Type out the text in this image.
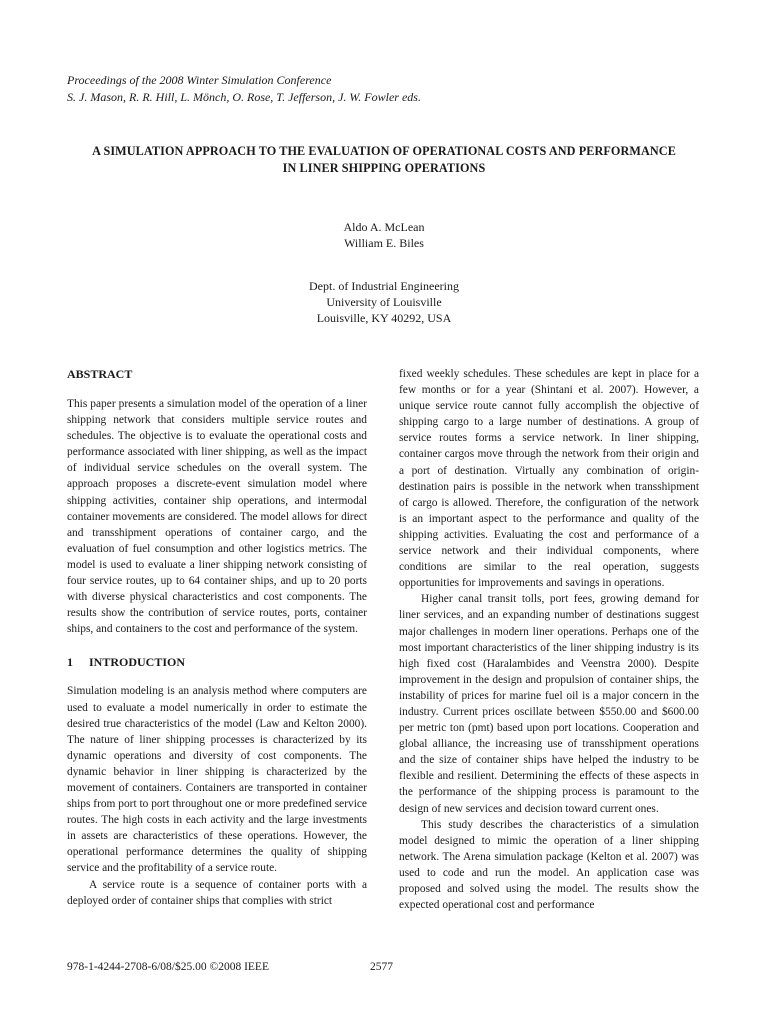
Proceedings of the 2008 Winter Simulation Conference
S. J. Mason, R. R. Hill, L. Mönch, O. Rose, T. Jefferson, J. W. Fowler eds.
A SIMULATION APPROACH TO THE EVALUATION OF OPERATIONAL COSTS AND PERFORMANCE
IN LINER SHIPPING OPERATIONS
Aldo A. McLean
William E. Biles
Dept. of Industrial Engineering
University of Louisville
Louisville, KY 40292, USA
ABSTRACT

This paper presents a simulation model of the operation of a liner shipping network that considers multiple service routes and schedules. The objective is to evaluate the operational costs and performance associated with liner shipping, as well as the impact of individual service schedules on the overall system. The approach proposes a discrete-event simulation model where shipping activities, container ship operations, and intermodal container movements are considered. The model allows for direct and transshipment operations of container cargo, and the evaluation of fuel consumption and other logistics metrics. The model is used to evaluate a liner shipping network consisting of four service routes, up to 64 container ships, and up to 20 ports with diverse physical characteristics and cost components. The results show the contribution of service routes, ports, container ships, and containers to the cost and performance of the system.

1 INTRODUCTION

Simulation modeling is an analysis method where computers are used to evaluate a model numerically in order to estimate the desired true characteristics of the model (Law and Kelton 2000). The nature of liner shipping processes is characterized by its dynamic operations and diversity of cost components. The dynamic behavior in liner shipping is characterized by the movement of containers. Containers are transported in container ships from port to port throughout one or more predefined service routes. The high costs in each activity and the large investments in assets are characteristics of these operations. However, the operational performance determines the quality of shipping service and the profitability of a service route.

A service route is a sequence of container ports with a deployed order of container ships that complies with strict

fixed weekly schedules. These schedules are kept in place for a few months or for a year (Shintani et al. 2007). However, a unique service route cannot fully accomplish the objective of shipping cargo to a large number of destinations. A group of service routes forms a service network. In liner shipping, container cargos move through the network from their origin and a port of destination. Virtually any combination of origin-destination pairs is possible in the network when transshipment of cargo is allowed. Therefore, the configuration of the network is an important aspect to the performance and quality of the shipping activities. Evaluating the cost and performance of a service network and their individual components, where conditions are similar to the real operation, suggests opportunities for improvements and savings in operations.

Higher canal transit tolls, port fees, growing demand for liner services, and an expanding number of destinations suggest major challenges in modern liner operations. Perhaps one of the most important characteristics of the liner shipping industry is its high fixed cost (Haralambides and Veenstra 2000). Despite improvement in the design and propulsion of container ships, the instability of prices for marine fuel oil is a major concern in the industry. Current prices oscillate between $550.00 and $600.00 per metric ton (pmt) based upon port locations. Cooperation and global alliance, the increasing use of transshipment operations and the size of container ships have helped the industry to be flexible and resilient. Determining the effects of these aspects in the performance of the shipping process is paramount to the design of new services and decision toward current ones.

This study describes the characteristics of a simulation model designed to mimic the operation of a liner shipping network. The Arena simulation package (Kelton et al. 2007) was used to code and run the model. An application case was proposed and solved using the model. The results show the expected operational cost and performance

978-1-4244-2708-6/08/$25.00 ©2008 IEEE	2577
